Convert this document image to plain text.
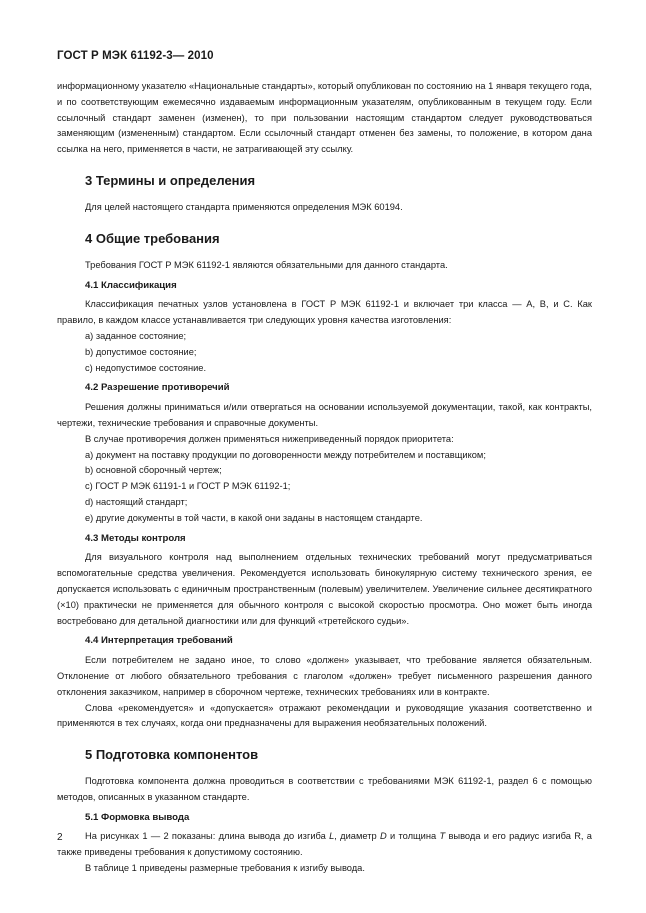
ГОСТ Р МЭК 61192-3— 2010

информационному указателю «Национальные стандарты», который опубликован по состоянию на 1 января текущего года, и по соответствующим ежемесячно издаваемым информационным указателям, опубликованным в текущем году. Если ссылочный стандарт заменен (изменен), то при пользовании настоящим стандартом следует руководствоваться заменяющим (измененным) стандартом. Если ссылочный стандарт отменен без замены, то положение, в котором дана ссылка на него, применяется в части, не затрагивающей эту ссылку.

3 Термины и определения

Для целей настоящего стандарта применяются определения МЭК 60194.

4 Общие требования

Требования ГОСТ Р МЭК 61192-1 являются обязательными для данного стандарта.

4.1 Классификация

Классификация печатных узлов установлена в ГОСТ Р МЭК 61192-1 и включает три класса — А, В, и С. Как правило, в каждом классе устанавливается три следующих уровня качества изготовления:

а) заданное состояние;

b) допустимое состояние;

с) недопустимое состояние.

4.2 Разрешение противоречий

Решения должны приниматься и/или отвергаться на основании используемой документации, такой, как контракты, чертежи, технические требования и справочные документы.

В случае противоречия должен применяться нижеприведенный порядок приоритета:

а) документ на поставку продукции по договоренности между потребителем и поставщиком;

b) основной сборочный чертеж;

с) ГОСТ Р МЭК 61191-1 и ГОСТ Р МЭК 61192-1;

d) настоящий стандарт;

е) другие документы в той части, в какой они заданы в настоящем стандарте.

4.3 Методы контроля

Для визуального контроля над выполнением отдельных технических требований могут предусматриваться вспомогательные средства увеличения. Рекомендуется использовать бинокулярную систему технического зрения, ее допускается использовать с единичным пространственным (полевым) увеличителем. Увеличение сильнее десятикратного (×10) практически не применяется для обычного контроля с высокой скоростью просмотра. Оно может быть иногда востребовано для детальной диагностики или для функций «третейского судьи».

4.4 Интерпретация требований

Если потребителем не задано иное, то слово «должен» указывает, что требование является обязательным. Отклонение от любого обязательного требования с глаголом «должен» требует письменного разрешения данного отклонения заказчиком, например в сборочном чертеже, технических требованиях или в контракте.

Слова «рекомендуется» и «допускается» отражают рекомендации и руководящие указания соответственно и применяются в тех случаях, когда они предназначены для выражения необязательных положений.

5 Подготовка компонентов

Подготовка компонента должна проводиться в соответствии с требованиями МЭК 61192-1, раздел 6 с помощью методов, описанных в указанном стандарте.

5.1 Формовка вывода

На рисунках 1 — 2 показаны: длина вывода до изгиба L, диаметр D и толщина T вывода и его радиус изгиба R, а также приведены требования к допустимому состоянию.

В таблице 1 приведены размерные требования к изгибу вывода.

2
